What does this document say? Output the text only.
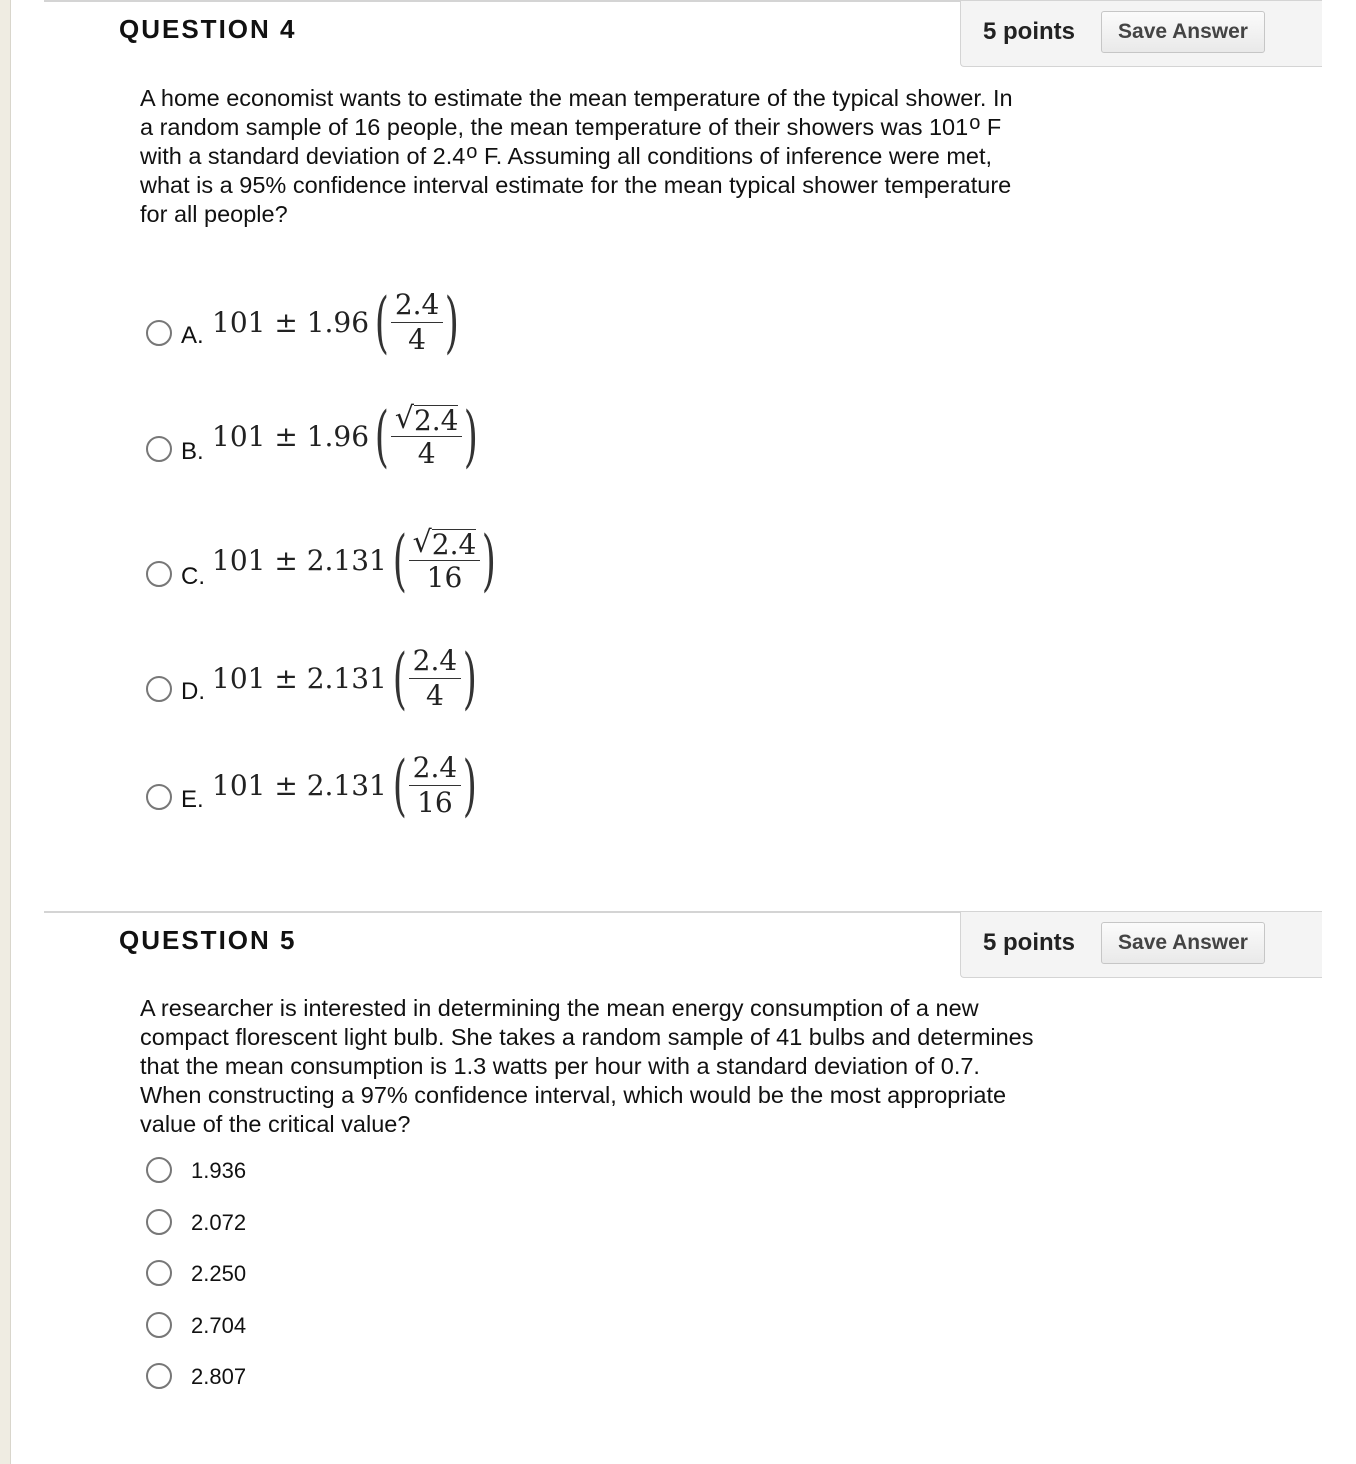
QUESTION 4	5 points	Save Answer

A home economist wants to estimate the mean temperature of the typical shower. In a random sample of 16 people, the mean temperature of their showers was 101$^o$ F with a standard deviation of 2.4$^o$ F. Assuming all conditions of inference were met, what is a 95% confidence interval estimate for the mean typical shower temperature for all people?

A. 101 ± 1.96 ( $\frac{2.4}{4}$ )
B. 101 ± 1.96 ( $\frac{√ 2.4}{4}$ )
C. 101 ± 2.131 ( $\frac{√ 2.4}{16}$ )
D. 101 ± 2.131 ( $\frac{2.4}{4}$ )
E. 101 ± 2.131 ( $\frac{2.4}{16}$ )
QUESTION 5	5 points	Save Answer

A researcher is interested in determining the mean energy consumption of a new compact florescent light bulb. She takes a random sample of 41 bulbs and determines that the mean consumption is 1.3 watts per hour with a standard deviation of 0.7. When constructing a 97% confidence interval, which would be the most appropriate value of the critical value?

1.936
2.072
2.250
2.704
2.807
